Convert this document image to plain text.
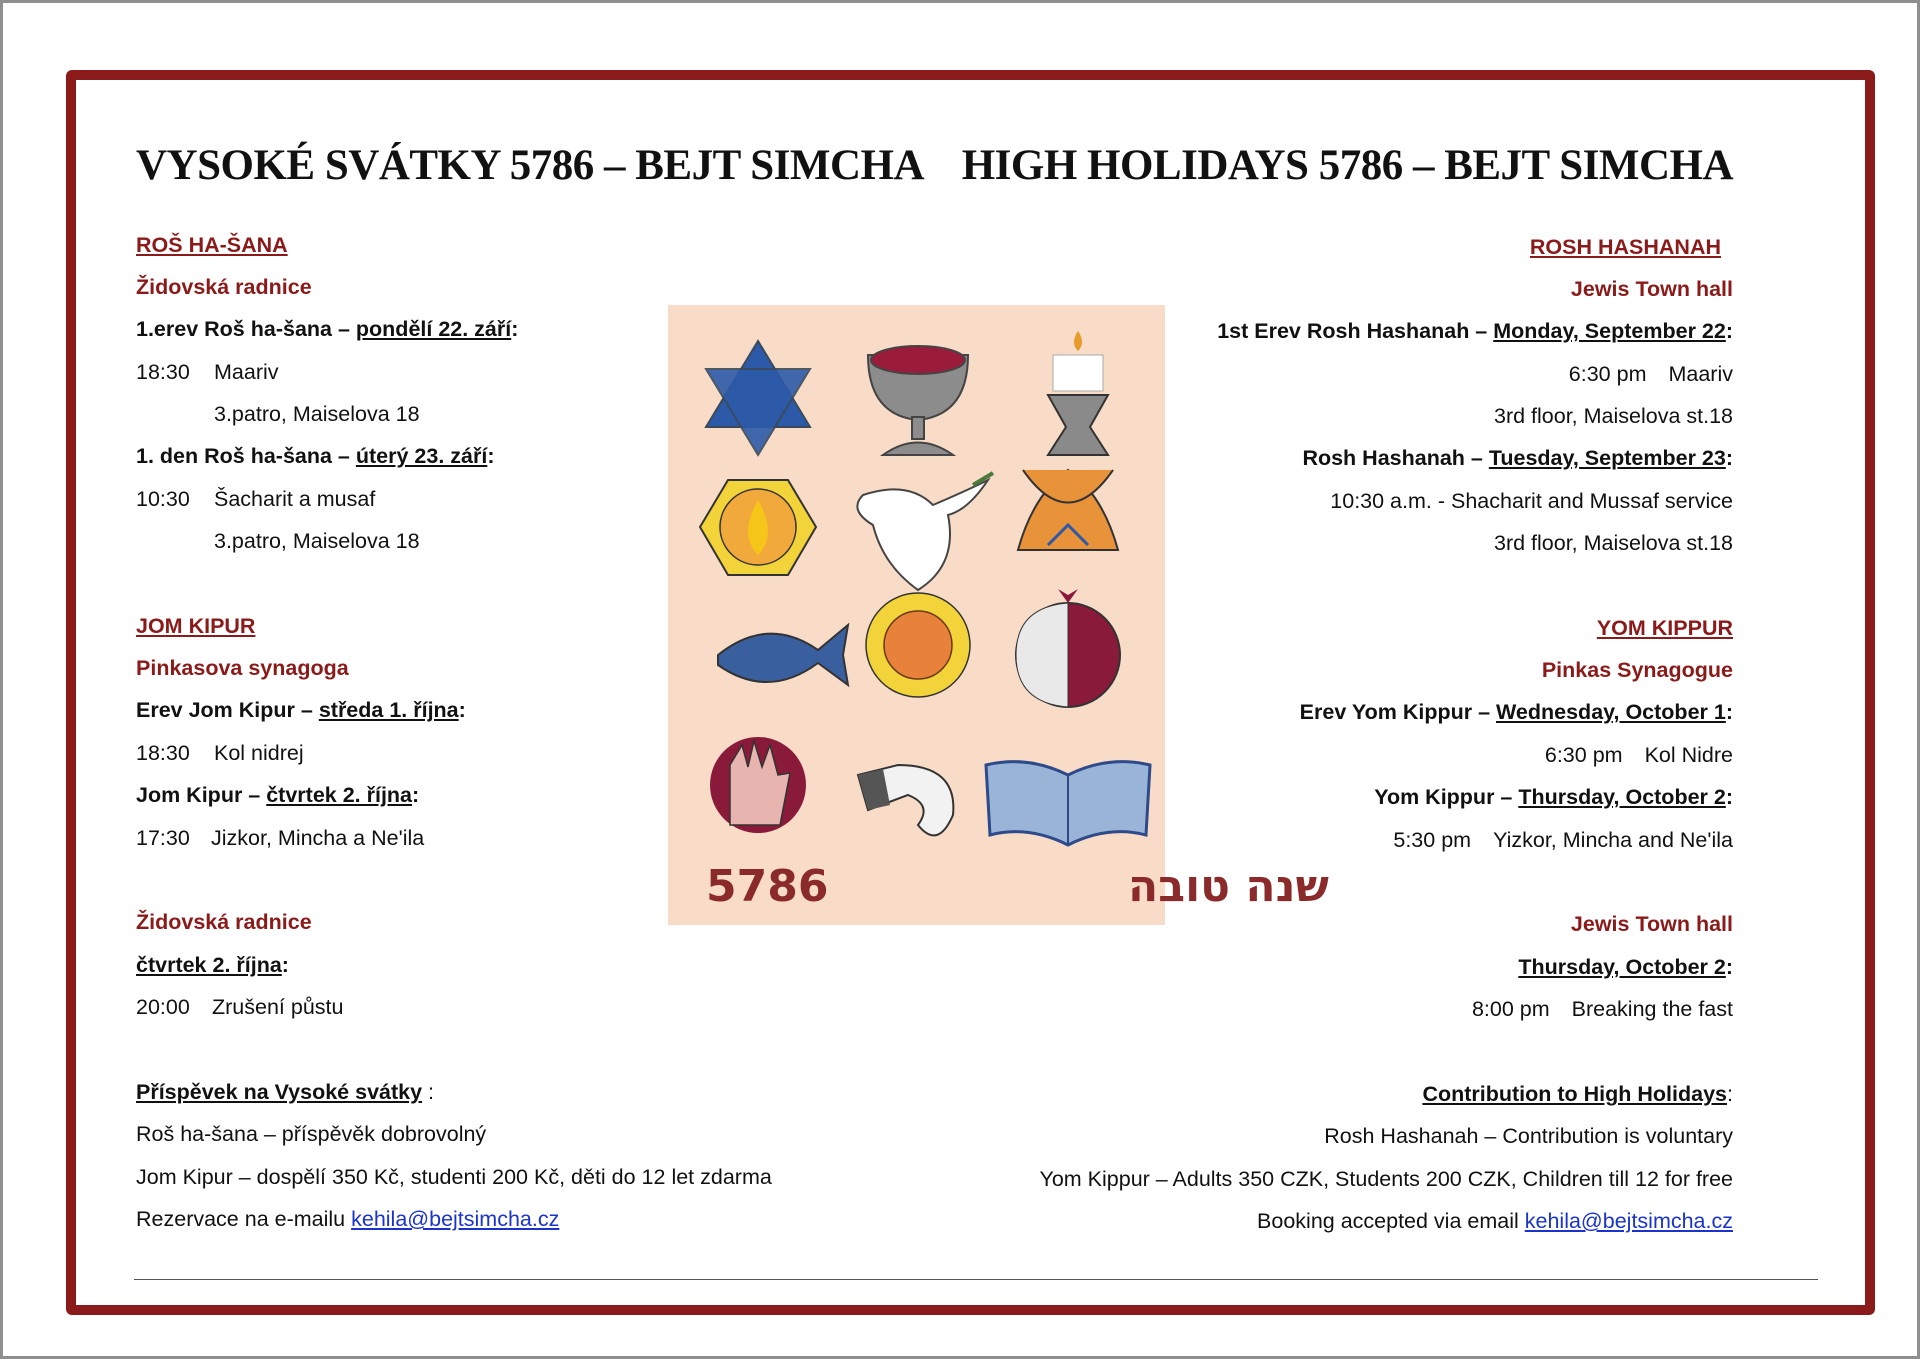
VYSOKÉ SVÁTKY 5786 – BEJT SIMCHA HIGH HOLIDAYS 5786 – BEJT SIMCHA
ROŠ HA-ŠANA
Židovská radnice
1.erev Roš ha-šana – pondělí 22. září:
18:30 Maariv
3.patro, Maiselova 18
1. den Roš ha-šana – úterý 23. září:
10:30 Šacharit a musaf
3.patro, Maiselova 18
JOM KIPUR
Pinkasova synagoga
Erev Jom Kipur – středa 1. října:
18:30 Kol nidrej
Jom Kipur – čtvrtek 2. října:
17:30 Jizkor, Mincha a Ne'ila
Židovská radnice
čtvrtek 2. října:
20:00 Zrušení půstu
Příspěvek na Vysoké svátky :
Roš ha-šana – příspěvěk dobrovolný
Jom Kipur – dospělí 350 Kč, studenti 200 Kč, děti do 12 let zdarma
Rezervace na e-mailu kehila@bejtsimcha.cz
ROSH HASHANAH
Jewis Town hall
1st Erev Rosh Hashanah – Monday, September 22:
6:30 pm Maariv
3rd floor, Maiselova st.18
Rosh Hashanah – Tuesday, September 23:
10:30 a.m. - Shacharit and Mussaf service
3rd floor, Maiselova st.18
YOM KIPPUR
Pinkas Synagogue
Erev Yom Kippur – Wednesday, October 1:
6:30 pm Kol Nidre
Yom Kippur – Thursday, October 2:
5:30 pm Yizkor, Mincha and Ne'ila
Jewis Town hall
Thursday, October 2:
8:00 pm Breaking the fast
Contribution to High Holidays:
Rosh Hashanah – Contribution is voluntary
Yom Kippur – Adults 350 CZK, Students 200 CZK, Children till 12 for free
Booking accepted via email kehila@bejtsimcha.cz
5786	שנה טובה
